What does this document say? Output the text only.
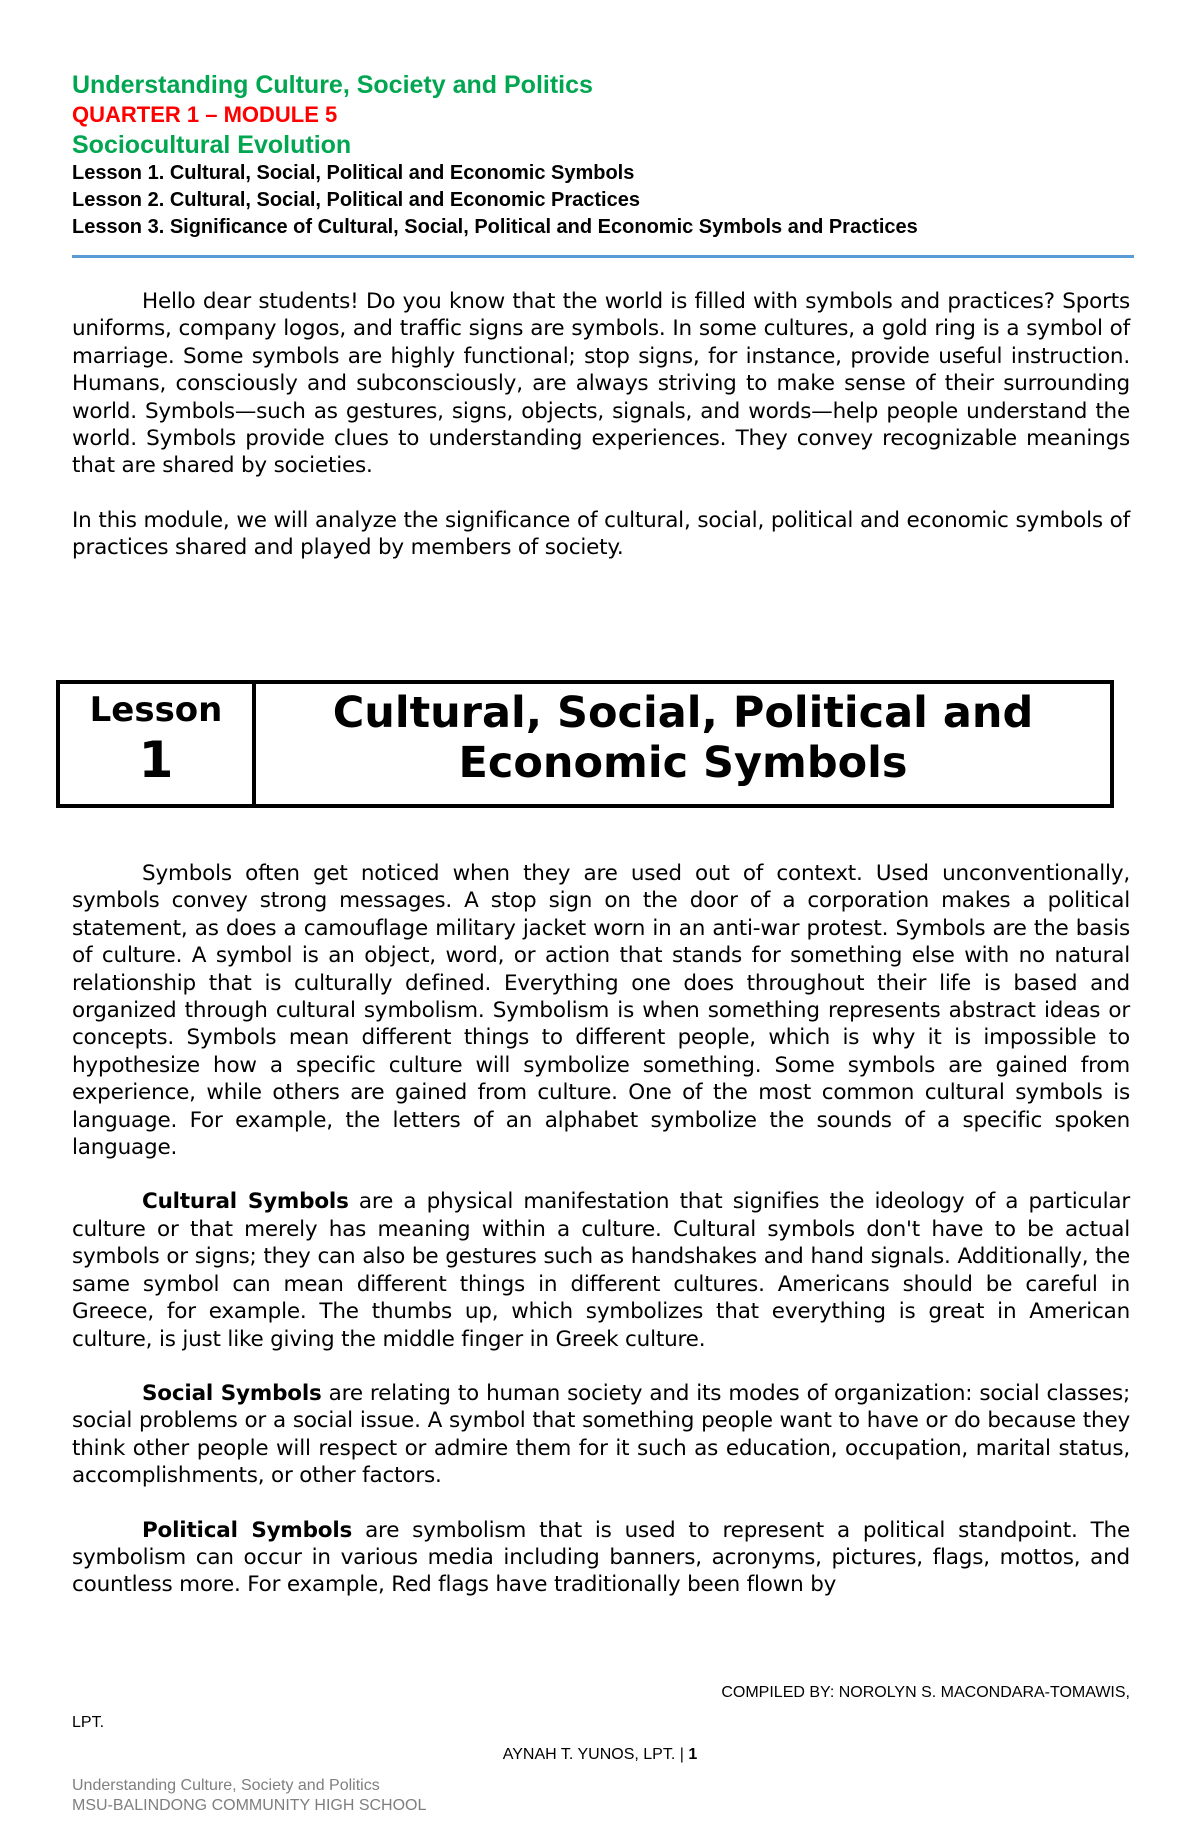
Understanding Culture, Society and Politics

QUARTER 1 – MODULE 5

Sociocultural Evolution

Lesson 1. Cultural, Social, Political and Economic Symbols

Lesson 2. Cultural, Social, Political and Economic Practices

Lesson 3. Significance of Cultural, Social, Political and Economic Symbols and Practices

Hello dear students! Do you know that the world is filled with symbols and practices? Sports uniforms, company logos, and traffic signs are symbols. In some cultures, a gold ring is a symbol of marriage. Some symbols are highly functional; stop signs, for instance, provide useful instruction. Humans, consciously and subconsciously, are always striving to make sense of their surrounding world. Symbols—such as gestures, signs, objects, signals, and words—help people understand the world. Symbols provide clues to understanding experiences. They convey recognizable meanings that are shared by societies.

In this module, we will analyze the significance of cultural, social, political and economic symbols of practices shared and played by members of society.

Lesson
1
Cultural, Social, Political and
Economic Symbols

Symbols often get noticed when they are used out of context. Used unconventionally, symbols convey strong messages. A stop sign on the door of a corporation makes a political statement, as does a camouflage military jacket worn in an anti-war protest. Symbols are the basis of culture. A symbol is an object, word, or action that stands for something else with no natural relationship that is culturally defined. Everything one does throughout their life is based and organized through cultural symbolism. Symbolism is when something represents abstract ideas or concepts. Symbols mean different things to different people, which is why it is impossible to hypothesize how a specific culture will symbolize something. Some symbols are gained from experience, while others are gained from culture. One of the most common cultural symbols is language. For example, the letters of an alphabet symbolize the sounds of a specific spoken language.

Cultural Symbols are a physical manifestation that signifies the ideology of a particular culture or that merely has meaning within a culture. Cultural symbols don't have to be actual symbols or signs; they can also be gestures such as handshakes and hand signals. Additionally, the same symbol can mean different things in different cultures. Americans should be careful in Greece, for example. The thumbs up, which symbolizes that everything is great in American culture, is just like giving the middle finger in Greek culture.

Social Symbols are relating to human society and its modes of organization: social classes; social problems or a social issue. A symbol that something people want to have or do because they think other people will respect or admire them for it such as education, occupation, marital status, accomplishments, or other factors.

Political Symbols are symbolism that is used to represent a political standpoint. The symbolism can occur in various media including banners, acronyms, pictures, flags, mottos, and countless more. For example, Red flags have traditionally been flown by

COMPILED BY: NOROLYN S. MACONDARA-TOMAWIS,
LPT.
AYNAH T. YUNOS, LPT. | 1
Understanding Culture, Society and Politics
MSU-BALINDONG COMMUNITY HIGH SCHOOL
